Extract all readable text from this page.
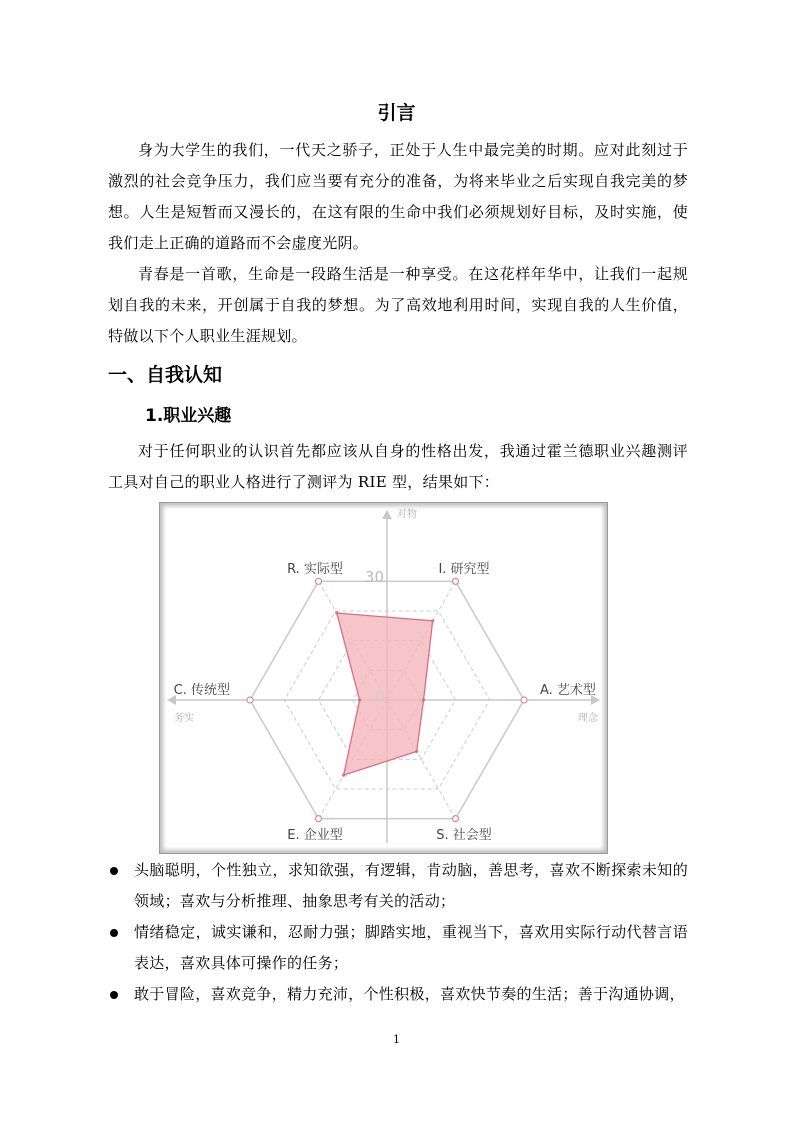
引言

身为大学生的我们，一代天之骄子，正处于人生中最完美的时期。应对此刻过于激烈的社会竞争压力，我们应当要有充分的准备，为将来毕业之后实现自我完美的梦想。人生是短暂而又漫长的，在这有限的生命中我们必须规划好目标，及时实施，使我们走上正确的道路而不会虚度光阴。

青春是一首歌，生命是一段路生活是一种享受。在这花样年华中，让我们一起规划自我的未来，开创属于自我的梦想。为了高效地利用时间，实现自我的人生价值，特做以下个人职业生涯规划。

一、自我认知
1.职业兴趣

对于任何职业的认识首先都应该从自身的性格出发，我通过霍兰德职业兴趣测评工具对自己的职业人格进行了测评为 RIE 型，结果如下：

R. 实际型	I. 研究型
A. 艺术型
S. 社会型
E. 企业型
C. 传统型	0
30
对物
务实	理念
头脑聪明，个性独立，求知欲强，有逻辑，肯动脑，善思考，喜欢不断探索未知的领域；喜欢与分析推理、抽象思考有关的活动；
情绪稳定，诚实谦和，忍耐力强；脚踏实地，重视当下，喜欢用实际行动代替言语表达，喜欢具体可操作的任务；
敢于冒险，喜欢竞争，精力充沛，个性积极，喜欢快节奏的生活；善于沟通协调，
1
